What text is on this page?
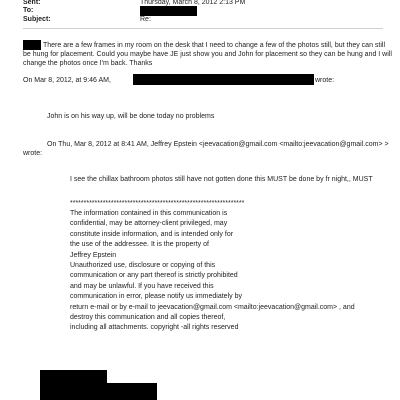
Sent:	Thursday, March 8, 2012 2:13 PM
To:
Subject:	Re:
There are a few frames in my room on the desk that I need to change a few of the photos still, but they can still
be hung for placement. Could you maybe have JE just show you and John for placement so they can be hung and I will
change the photos once I'm back. Thanks
On Mar 8, 2012, at 9:46 AM,	wrote:
John is on his way up, will be done today no problems
On Thu, Mar 8, 2012 at 8:41 AM, Jeffrey Epstein <jeevacation@gmail.com <mailto:jeevacation@gmail.com> >
wrote:
I see the chillax bathroom photos still have not gotten done this MUST be done by fr night,, MUST
****************************************************************
The information contained in this communication is
confidential, may be attorney-client privileged, may
constitute inside information, and is intended only for
the use of the addressee. It is the property of
Jeffrey Epstein
Unauthorized use, disclosure or copying of this
communication or any part thereof is strictly prohibited
and may be unlawful. If you have received this
communication in error, please notify us immediately by
return e-mail or by e-mail to jeevacation@gmail.com <mailto:jeevacation@gmail.com> , and
destroy this communication and all copies thereof,
including all attachments. copyright -all rights reserved
